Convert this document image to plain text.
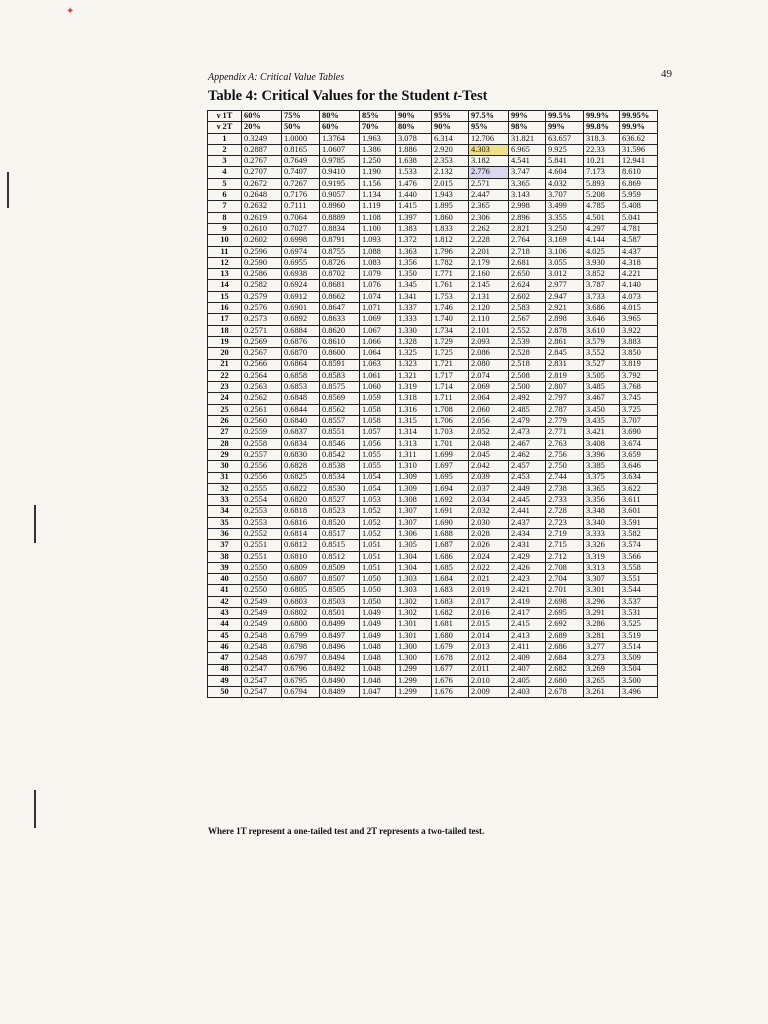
✦
49
Appendix A: Critical Value Tables
Table 4: Critical Values for the Student t-Test
ν 1T	60%	75%	80%	85%	90%	95%	97.5%	99%	99.5%	99.9%	99.95%
ν 2T	20%	50%	60%	70%	80%	90%	95%	98%	99%	99.8%	99.9%
1	0.3249	1.0000	1.3764	1.963	3.078	6.314	12.706	31.821	63.657	318.3	636.62
2	0.2887	0.8165	1.0607	1.386	1.886	2.920	4.303	6.965	9.925	22.33	31.596
3	0.2767	0.7649	0.9785	1.250	1.638	2.353	3.182	4.541	5.841	10.21	12.941
4	0.2707	0.7407	0.9410	1.190	1.533	2.132	2.776	3.747	4.604	7.173	8.610
5	0.2672	0.7267	0.9195	1.156	1.476	2.015	2.571	3.365	4.032	5.893	6.869
6	0.2648	0.7176	0.9057	1.134	1.440	1.943	2.447	3.143	3.707	5.208	5.959
7	0.2632	0.7111	0.8960	1.119	1.415	1.895	2.365	2.998	3.499	4.785	5.408
8	0.2619	0.7064	0.8889	1.108	1.397	1.860	2.306	2.896	3.355	4.501	5.041
9	0.2610	0.7027	0.8834	1.100	1.383	1.833	2.262	2.821	3.250	4.297	4.781
10	0.2602	0.6998	0.8791	1.093	1.372	1.812	2.228	2.764	3.169	4.144	4.587
11	0.2596	0.6974	0.8755	1.088	1.363	1.796	2.201	2.718	3.106	4.025	4.437
12	0.2590	0.6955	0.8726	1.083	1.356	1.782	2.179	2.681	3.055	3.930	4.318
13	0.2586	0.6938	0.8702	1.079	1.350	1.771	2.160	2.650	3.012	3.852	4.221
14	0.2582	0.6924	0.8681	1.076	1.345	1.761	2.145	2.624	2.977	3.787	4.140
15	0.2579	0.6912	0.8662	1.074	1.341	1.753	2.131	2.602	2.947	3.733	4.073
16	0.2576	0.6901	0.8647	1.071	1.337	1.746	2.120	2.583	2.921	3.686	4.015
17	0.2573	0.6892	0.8633	1.069	1.333	1.740	2.110	2.567	2.898	3.646	3.965
18	0.2571	0.6884	0.8620	1.067	1.330	1.734	2.101	2.552	2.878	3.610	3.922
19	0.2569	0.6876	0.8610	1.066	1.328	1.729	2.093	2.539	2.861	3.579	3.883
20	0.2567	0.6870	0.8600	1.064	1.325	1.725	2.086	2.528	2.845	3.552	3.850
21	0.2566	0.6864	0.8591	1.063	1.323	1.721	2.080	2.518	2.831	3.527	3.819
22	0.2564	0.6858	0.8583	1.061	1.321	1.717	2.074	2.508	2.819	3.505	3.792
23	0.2563	0.6853	0.8575	1.060	1.319	1.714	2.069	2.500	2.807	3.485	3.768
24	0.2562	0.6848	0.8569	1.059	1.318	1.711	2.064	2.492	2.797	3.467	3.745
25	0.2561	0.6844	0.8562	1.058	1.316	1.708	2.060	2.485	2.787	3.450	3.725
26	0.2560	0.6840	0.8557	1.058	1.315	1.706	2.056	2.479	2.779	3.435	3.707
27	0.2559	0.6837	0.8551	1.057	1.314	1.703	2.052	2.473	2.771	3.421	3.690
28	0.2558	0.6834	0.8546	1.056	1.313	1.701	2.048	2.467	2.763	3.408	3.674
29	0.2557	0.6830	0.8542	1.055	1.311	1.699	2.045	2.462	2.756	3.396	3.659
30	0.2556	0.6828	0.8538	1.055	1.310	1.697	2.042	2.457	2.750	3.385	3.646
31	0.2556	0.6825	0.8534	1.054	1.309	1.695	2.039	2.453	2.744	3.375	3.634
32	0.2555	0.6822	0.8530	1.054	1.309	1.694	2.037	2.449	2.738	3.365	3.622
33	0.2554	0.6820	0.8527	1.053	1.308	1.692	2.034	2.445	2.733	3.356	3.611
34	0.2553	0.6818	0.8523	1.052	1.307	1.691	2.032	2.441	2.728	3.348	3.601
35	0.2553	0.6816	0.8520	1.052	1.307	1.690	2.030	2.437	2.723	3.340	3.591
36	0.2552	0.6814	0.8517	1.052	1.306	1.688	2.028	2.434	2.719	3.333	3.582
37	0.2551	0.6812	0.8515	1.051	1.305	1.687	2.026	2.431	2.715	3.326	3.574
38	0.2551	0.6810	0.8512	1.051	1.304	1.686	2.024	2.429	2.712	3.319	3.566
39	0.2550	0.6809	0.8509	1.051	1.304	1.685	2.022	2.426	2.708	3.313	3.558
40	0.2550	0.6807	0.8507	1.050	1.303	1.684	2.021	2.423	2.704	3.307	3.551
41	0.2550	0.6805	0.8505	1.050	1.303	1.683	2.019	2.421	2.701	3.301	3.544
42	0.2549	0.6803	0.8503	1.050	1.302	1.683	2.017	2.419	2.698	3.296	3.537
43	0.2549	0.6802	0.8501	1.049	1.302	1.682	2.016	2.417	2.695	3.291	3.531
44	0.2549	0.6800	0.8499	1.049	1.301	1.681	2.015	2.415	2.692	3.286	3.525
45	0.2548	0.6799	0.8497	1.049	1.301	1.680	2.014	2.413	2.689	3.281	3.519
46	0.2548	0.6798	0.8496	1.048	1.300	1.679	2.013	2.411	2.686	3.277	3.514
47	0.2548	0.6797	0.8494	1.048	1.300	1.678	2.012	2.409	2.684	3.273	3.509
48	0.2547	0.6796	0.8492	1.048	1.299	1.677	2.011	2.407	2.682	3.269	3.504
49	0.2547	0.6795	0.8490	1.048	1.299	1.676	2.010	2.405	2.680	3.265	3.500
50	0.2547	0.6794	0.8489	1.047	1.299	1.676	2.009	2.403	2.678	3.261	3.496
Where 1T represent a one-tailed test and 2T represents a two-tailed test.
